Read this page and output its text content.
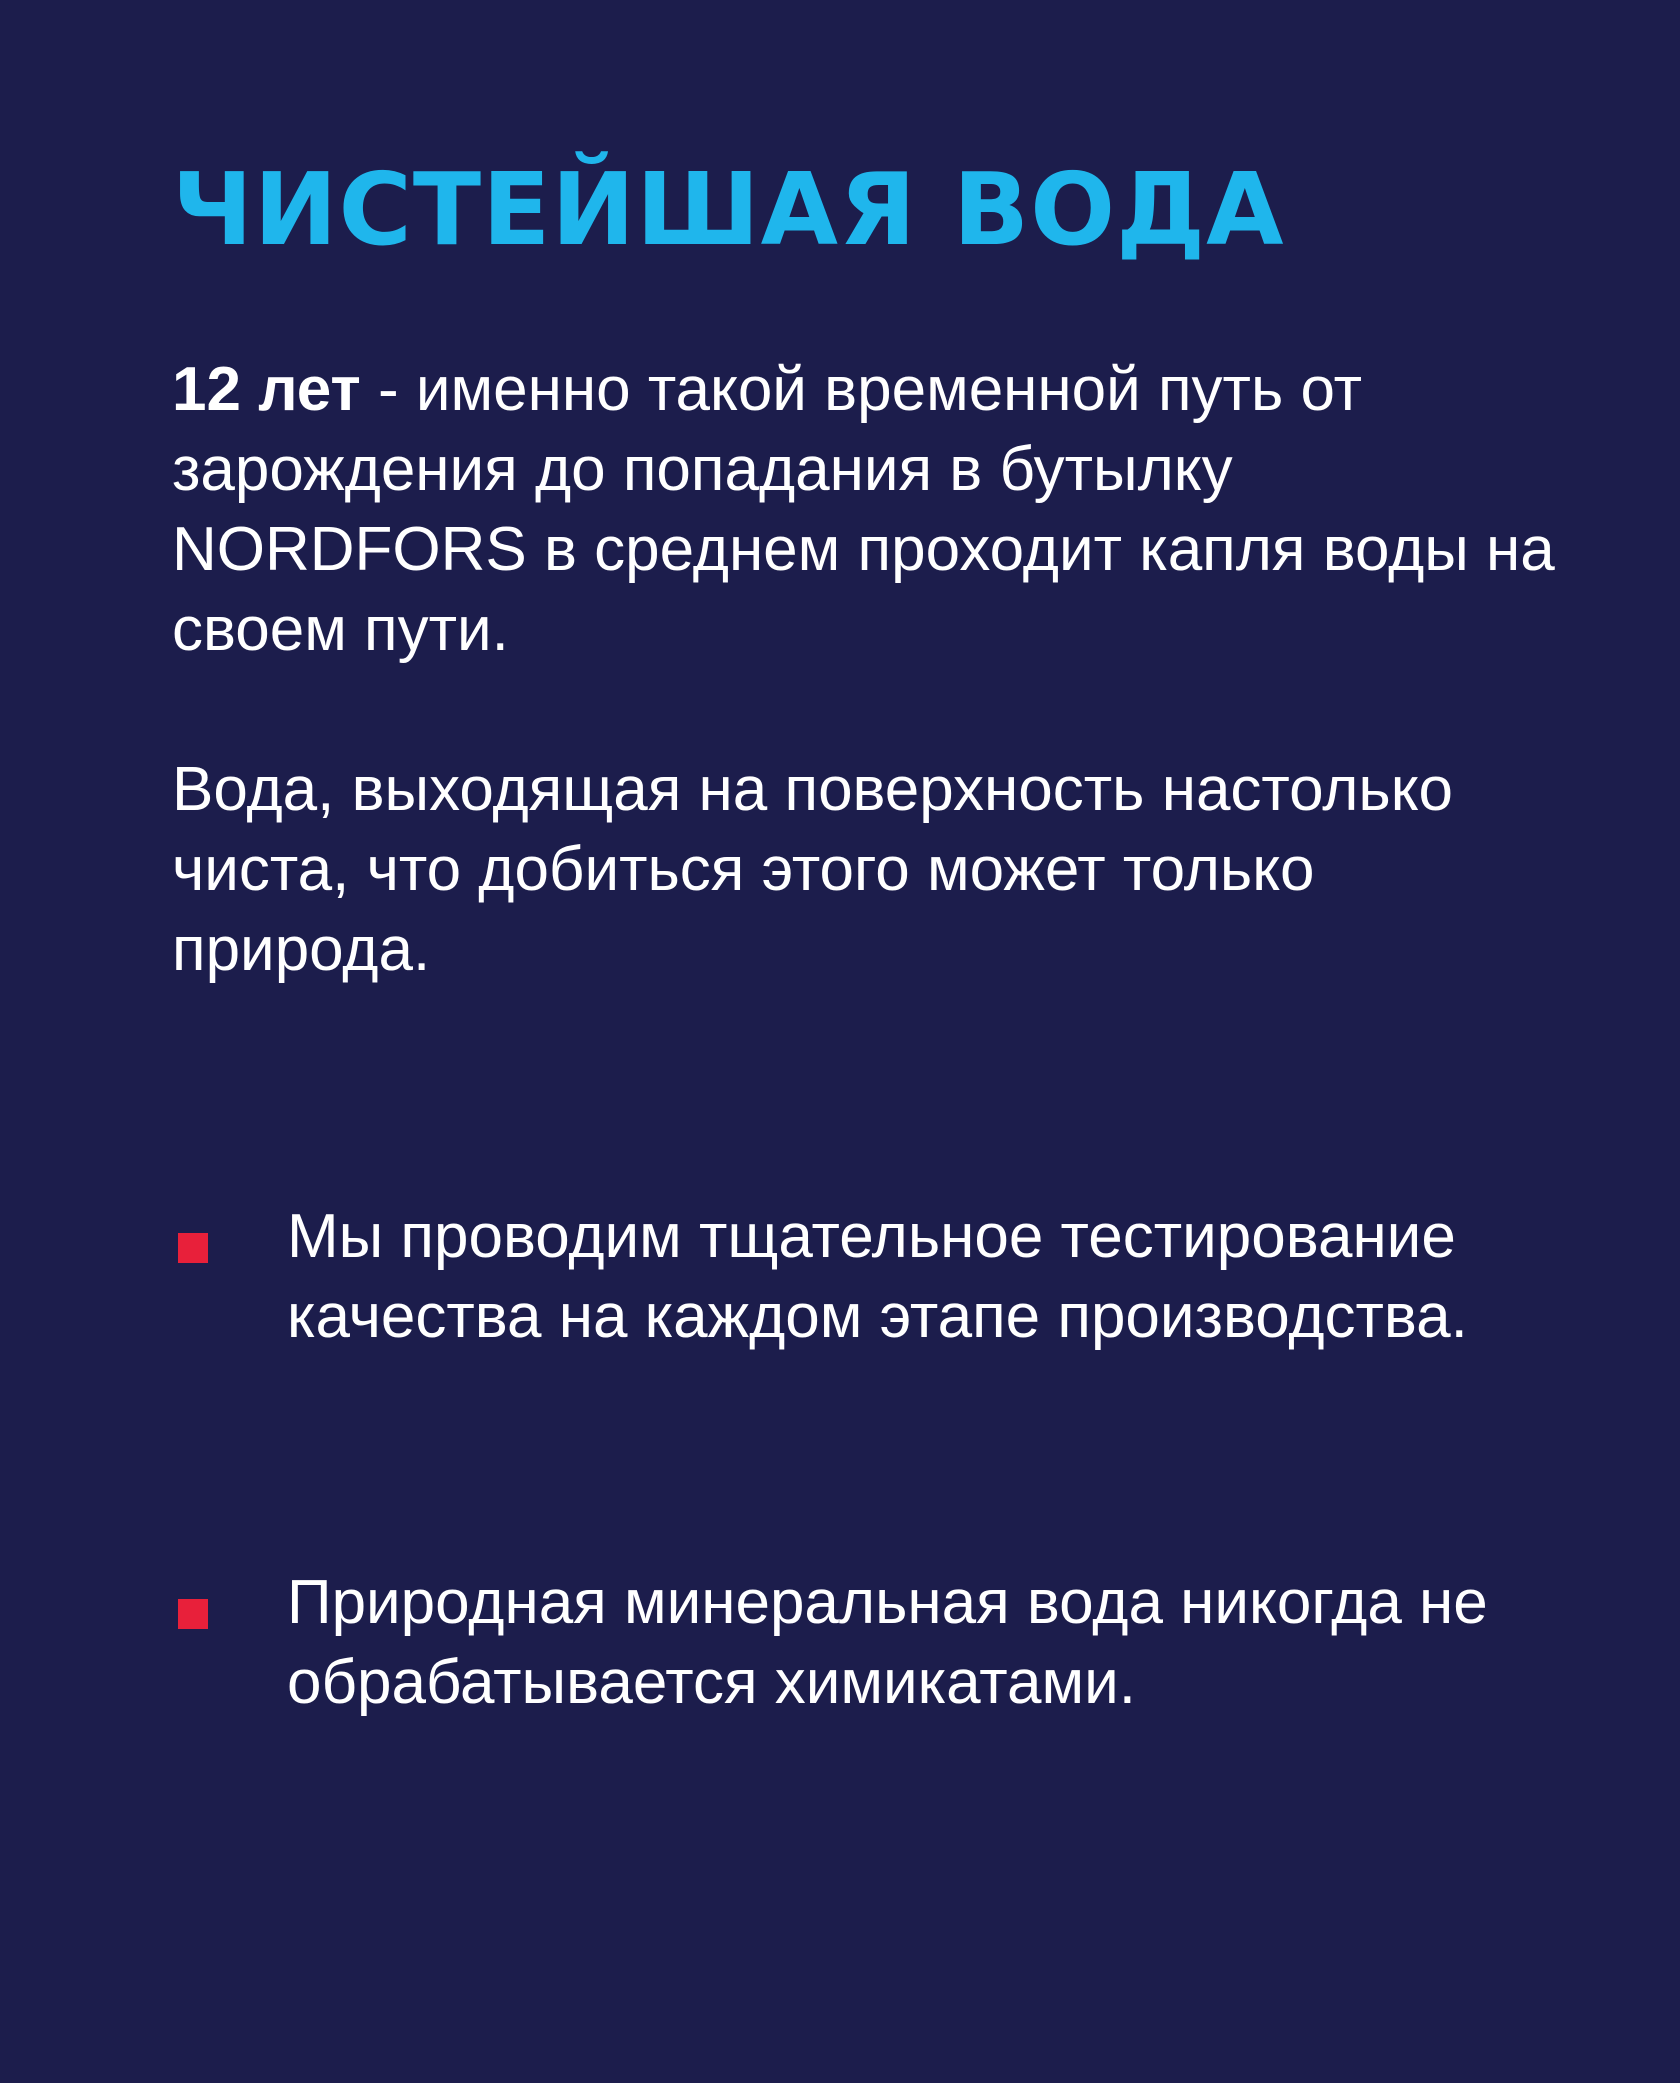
ЧИСТЕЙШАЯ ВОДА

12 лет - именно такой временной путь от зарождения до попадания в бутылку NORDFORS в среднем проходит капля воды на своем пути.

Вода, выходящая на поверхность настолько чиста, что добиться этого может только природа.

Мы проводим тщательное тестирование качества на каждом этапе производства.

Природная минеральная вода никогда не обрабатывается химикатами.
